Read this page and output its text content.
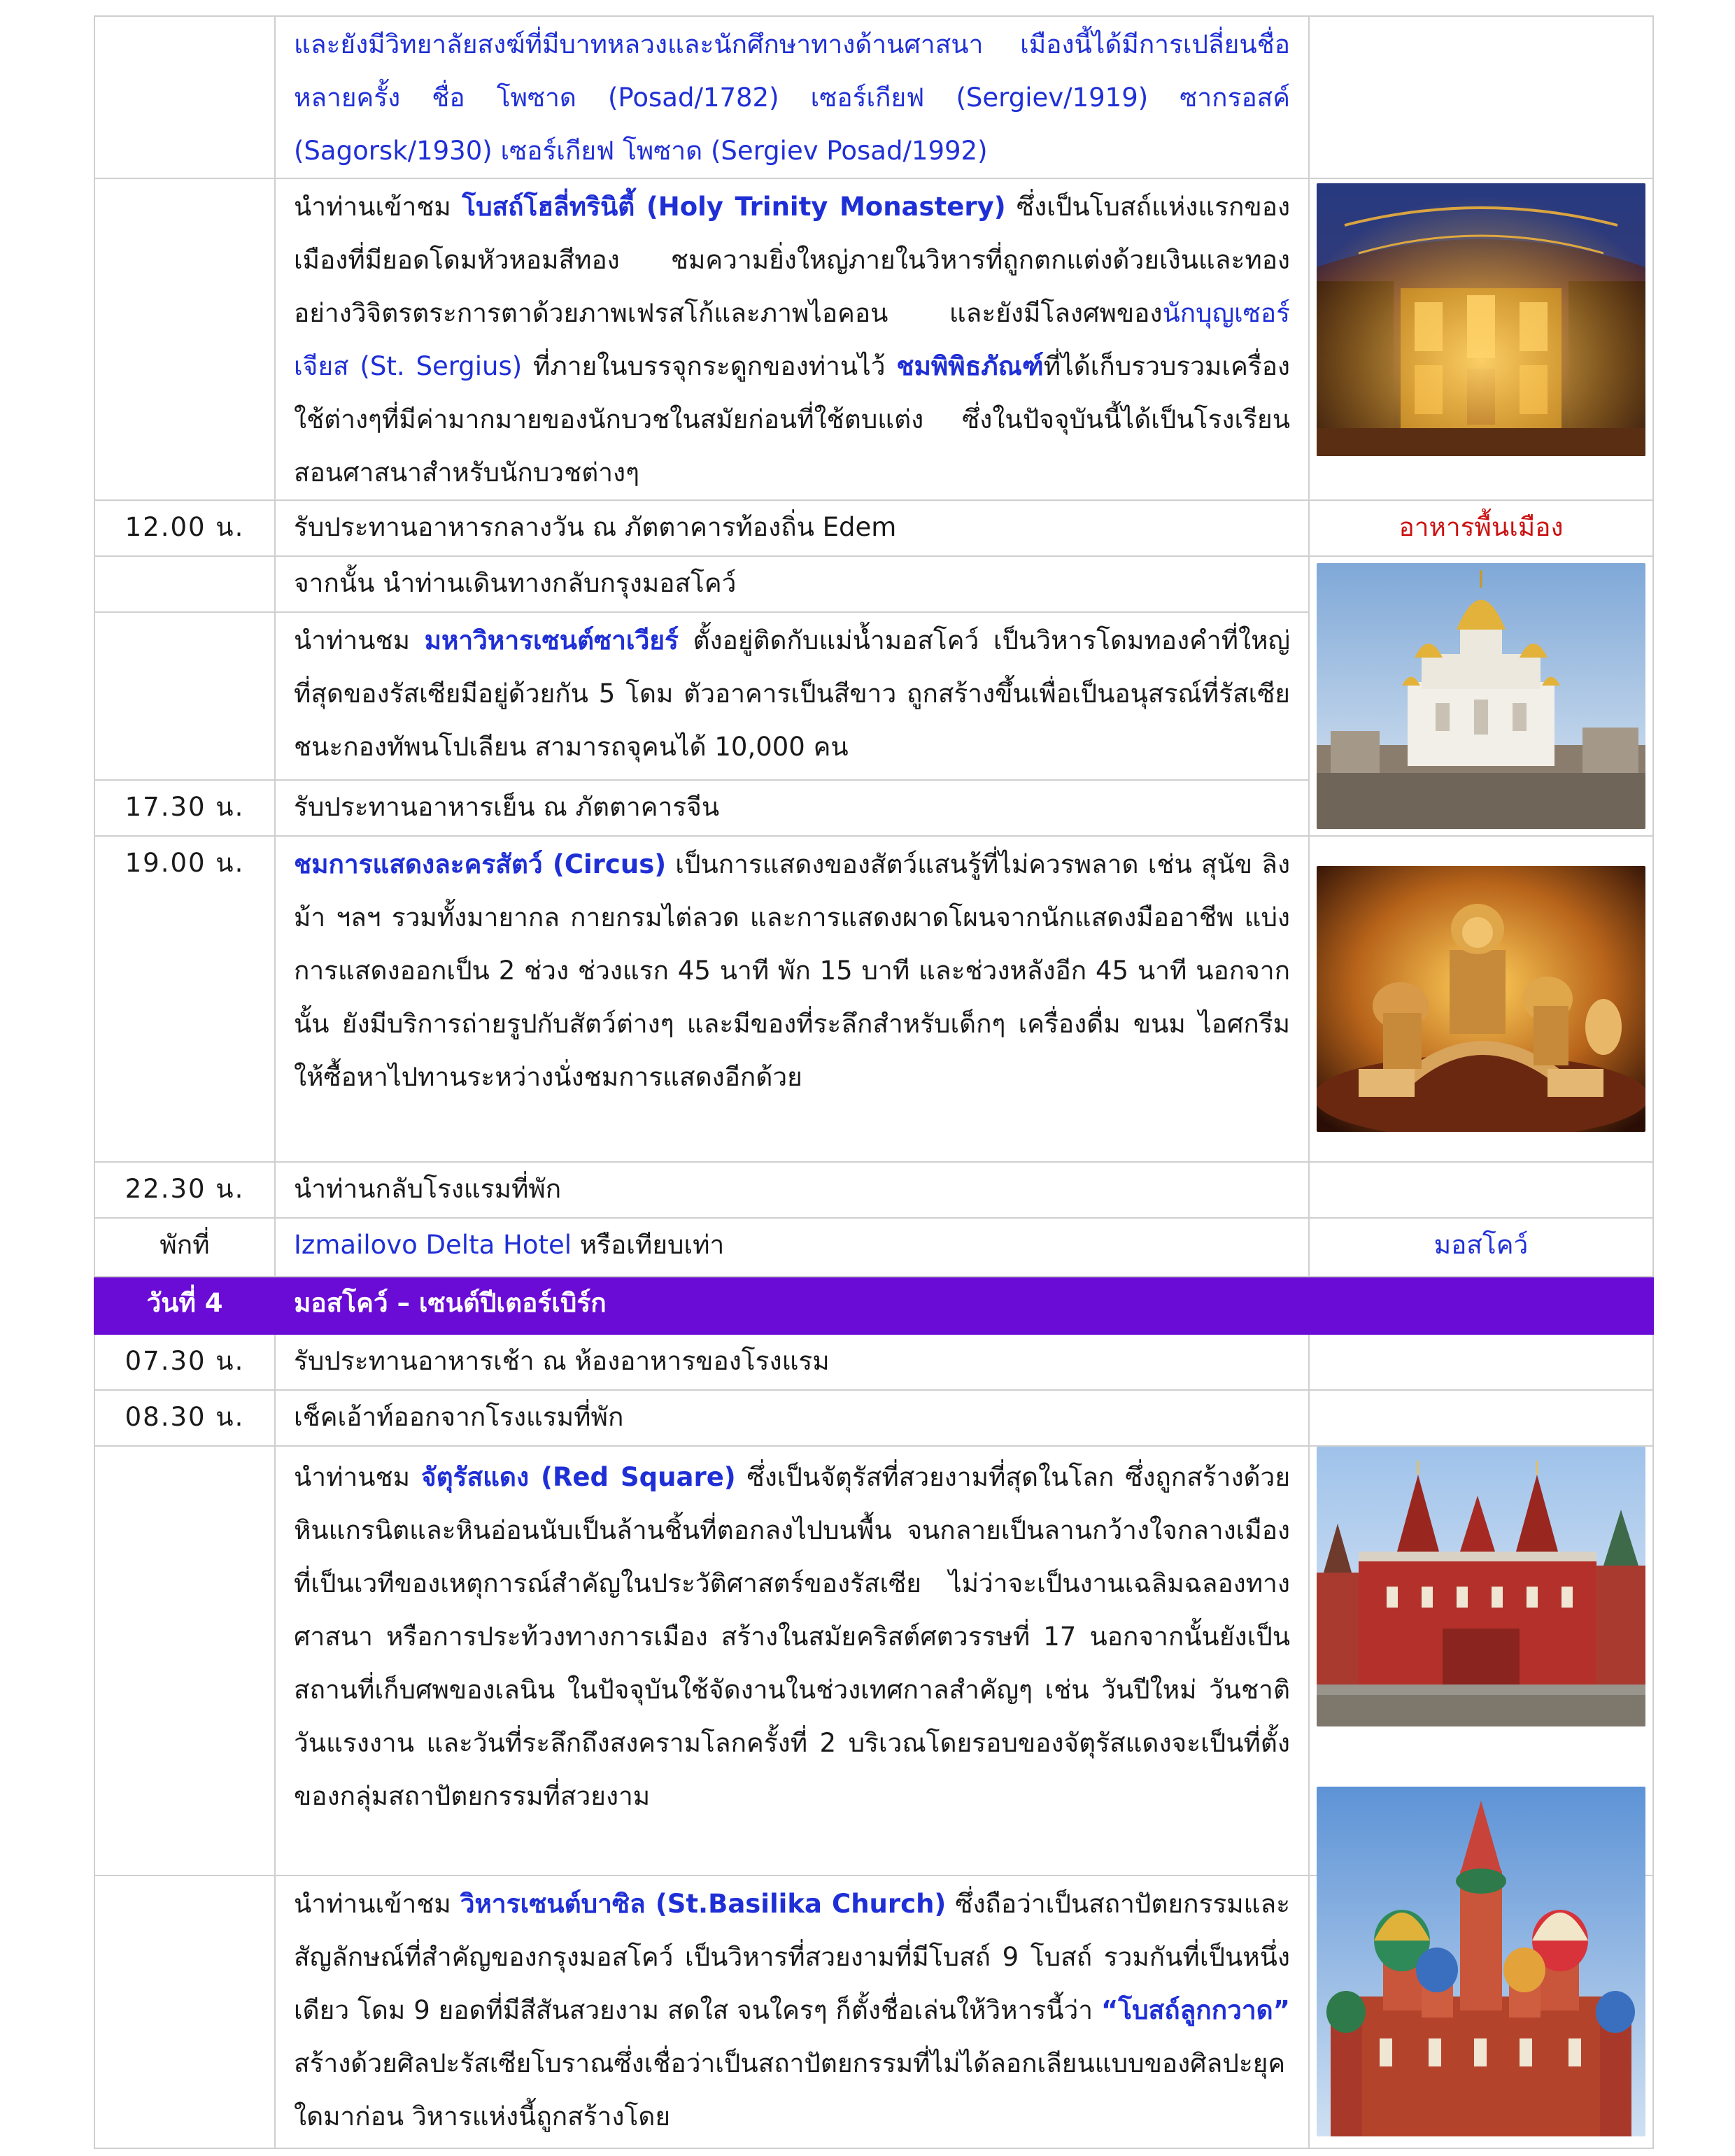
	และยังมีวิทยาลัยสงฆ์ที่มีบาทหลวงและนักศึกษาทางด้านศาสนา เมืองนี้ได้มีการเปลี่ยนชื่อหลายครั้ง ชื่อ โพซาด (Posad/1782) เซอร์เกียฟ (Sergiev/1919) ซากรอสค์ (Sagorsk/1930) เซอร์เกียฟ โพซาด (Sergiev Posad/1992)	
	นำท่านเข้าชม โบสถ์โฮลี่ทรินิตี้ (Holy Trinity Monastery) ซึ่งเป็นโบสถ์แห่งแรกของเมืองที่มียอดโดมหัวหอมสีทอง ชมความยิ่งใหญ่ภายในวิหารที่ถูกตกแต่งด้วยเงินและทองอย่างวิจิตรตระการตาด้วยภาพเฟรสโก้และภาพไอคอน และยังมีโลงศพของนักบุญเซอร์เจียส (St. Sergius) ที่ภายในบรรจุกระดูกของท่านไว้ ชมพิพิธภัณฑ์ที่ได้เก็บรวบรวมเครื่องใช้ต่างๆที่มีค่ามากมายของนักบวชในสมัยก่อนที่ใช้ตบแต่ง ซึ่งในปัจจุบันนี้ได้เป็นโรงเรียนสอนศาสนาสำหรับนักบวชต่างๆ	

12.00 น.	รับประทานอาหารกลางวัน ณ ภัตตาคารท้องถิ่น Edem	อาหารพื้นเมือง
	จากนั้น นำท่านเดินทางกลับกรุงมอสโคว์	

	นำท่านชม มหาวิหารเซนต์ซาเวียร์ ตั้งอยู่ติดกับแม่น้ำมอสโคว์ เป็นวิหารโดมทองคำที่ใหญ่ที่สุดของรัสเซียมีอยู่ด้วยกัน 5 โดม ตัวอาคารเป็นสีขาว ถูกสร้างขึ้นเพื่อเป็นอนุสรณ์ที่รัสเซียชนะกองทัพนโปเลียน สามารถจุคนได้ 10,000 คน	
17.30 น.	รับประทานอาหารเย็น ณ ภัตตาคารจีน	
19.00 น.	ชมการแสดงละครสัตว์ (Circus) เป็นการแสดงของสัตว์แสนรู้ที่ไม่ควรพลาด เช่น สุนัข ลิง ม้า ฯลฯ รวมทั้งมายากล กายกรมไต่ลวด และการแสดงผาดโผนจากนักแสดงมืออาชีพ แบ่งการแสดงออกเป็น 2 ช่วง ช่วงแรก 45 นาที พัก 15 บาที และช่วงหลังอีก 45 นาที นอกจากนั้น ยังมีบริการถ่ายรูปกับสัตว์ต่างๆ และมีของที่ระลึกสำหรับเด็กๆ เครื่องดื่ม ขนม ไอศกรีม ให้ซื้อหาไปทานระหว่างนั่งชมการแสดงอีกด้วย	

22.30 น.	นำท่านกลับโรงแรมที่พัก	
พักที่	Izmailovo Delta Hotel หรือเทียบเท่า	มอสโคว์
วันที่ 4	มอสโคว์ – เซนต์ปีเตอร์เบิร์ก	
07.30 น.	รับประทานอาหารเช้า ณ ห้องอาหารของโรงแรม	
08.30 น.	เช็คเอ้าท์ออกจากโรงแรมที่พัก	
	นำท่านชม จัตุรัสแดง (Red Square) ซึ่งเป็นจัตุรัสที่สวยงามที่สุดในโลก ซึ่งถูกสร้างด้วยหินแกรนิตและหินอ่อนนับเป็นล้านชิ้นที่ตอกลงไปบนพื้น จนกลายเป็นลานกว้างใจกลางเมือง ที่เป็นเวทีของเหตุการณ์สำคัญในประวัติศาสตร์ของรัสเซีย ไม่ว่าจะเป็นงานเฉลิมฉลองทางศาสนา หรือการประท้วงทางการเมือง สร้างในสมัยคริสต์ศตวรรษที่ 17 นอกจากนั้นยังเป็นสถานที่เก็บศพของเลนิน ในปัจจุบันใช้จัดงานในช่วงเทศกาลสำคัญๆ เช่น วันปีใหม่ วันชาติ วันแรงงาน และวันที่ระลึกถึงสงครามโลกครั้งที่ 2 บริเวณโดยรอบของจัตุรัสแดงจะเป็นที่ตั้งของกลุ่มสถาปัตยกรรมที่สวยงาม	

	นำท่านเข้าชม วิหารเซนต์บาซิล (St.Basilika Church) ซึ่งถือว่าเป็นสถาปัตยกรรมและสัญลักษณ์ที่สำคัญของกรุงมอสโคว์ เป็นวิหารที่สวยงามที่มีโบสถ์ 9 โบสถ์ รวมกันที่เป็นหนึ่งเดียว โดม 9 ยอดที่มีสีสันสวยงาม สดใส จนใครๆ ก็ตั้งชื่อเล่นให้วิหารนี้ว่า “โบสถ์ลูกกวาด” สร้างด้วยศิลปะรัสเซียโบราณซึ่งเชื่อว่าเป็นสถาปัตยกรรมที่ไม่ได้ลอกเลียนแบบของศิลปะยุคใดมาก่อน วิหารแห่งนี้ถูกสร้างโดย	
